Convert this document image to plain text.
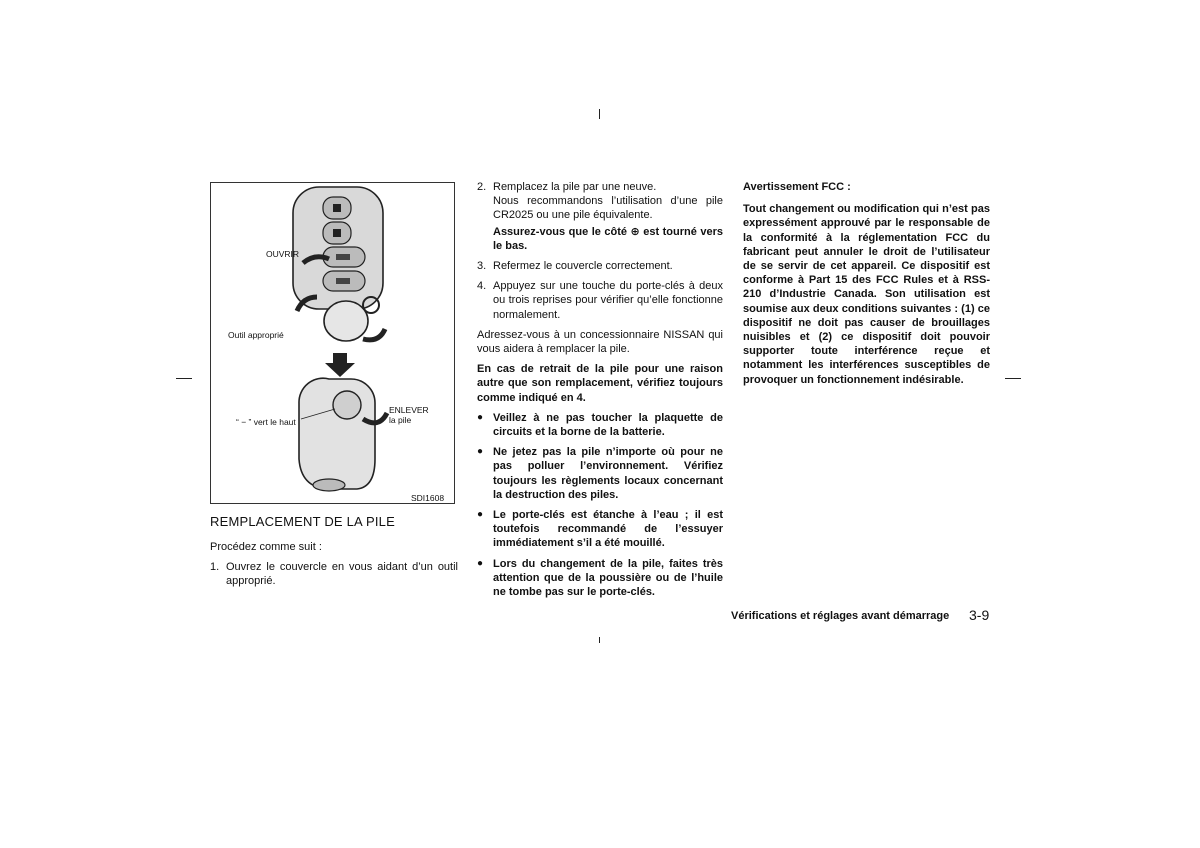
OUVRIR
Outil approprié
ENLEVER
la pile
“ − ” vert le haut
SDI1608
REMPLACEMENT DE LA PILE

Procédez comme suit :

1. Ouvrez le couvercle en vous aidant d’un outil approprié.
2. Remplacez la pile par une neuve.
Nous recommandons l’utilisation d’une pile CR2025 ou une pile équivalente.
Assurez-vous que le côté ⊕ est tourné vers le bas.
3. Refermez le couvercle correctement.
4. Appuyez sur une touche du porte-clés à deux ou trois reprises pour vérifier qu’elle fonctionne normalement.

Adressez-vous à un concessionnaire NISSAN qui vous aidera à remplacer la pile.

En cas de retrait de la pile pour une raison autre que son remplacement, vérifiez toujours comme indiqué en 4.

● Veillez à ne pas toucher la plaquette de circuits et la borne de la batterie.
● Ne jetez pas la pile n’importe où pour ne pas polluer l’environnement. Vérifiez toujours les règlements locaux concernant la destruction des piles.
● Le porte-clés est étanche à l’eau ; il est toutefois recommandé de l’essuyer immédiatement s’il a été mouillé.
● Lors du changement de la pile, faites très attention que de la poussière ou de l’huile ne tombe pas sur le porte-clés.

Avertissement FCC :

Tout changement ou modification qui n’est pas expressément approuvé par le responsable de la conformité à la réglementation FCC du fabricant peut annuler le droit de l’utilisateur de se servir de cet appareil. Ce dispositif est conforme à Part 15 des FCC Rules et à RSS-210 d’Industrie Canada. Son utilisation est soumise aux deux conditions suivantes : (1) ce dispositif ne doit pas causer de brouillages nuisibles et (2) ce dispositif doit pouvoir supporter toute interférence reçue et notamment les interférences susceptibles de provoquer un fonctionnement indésirable.

Vérifications et réglages avant démarrage 3-9
